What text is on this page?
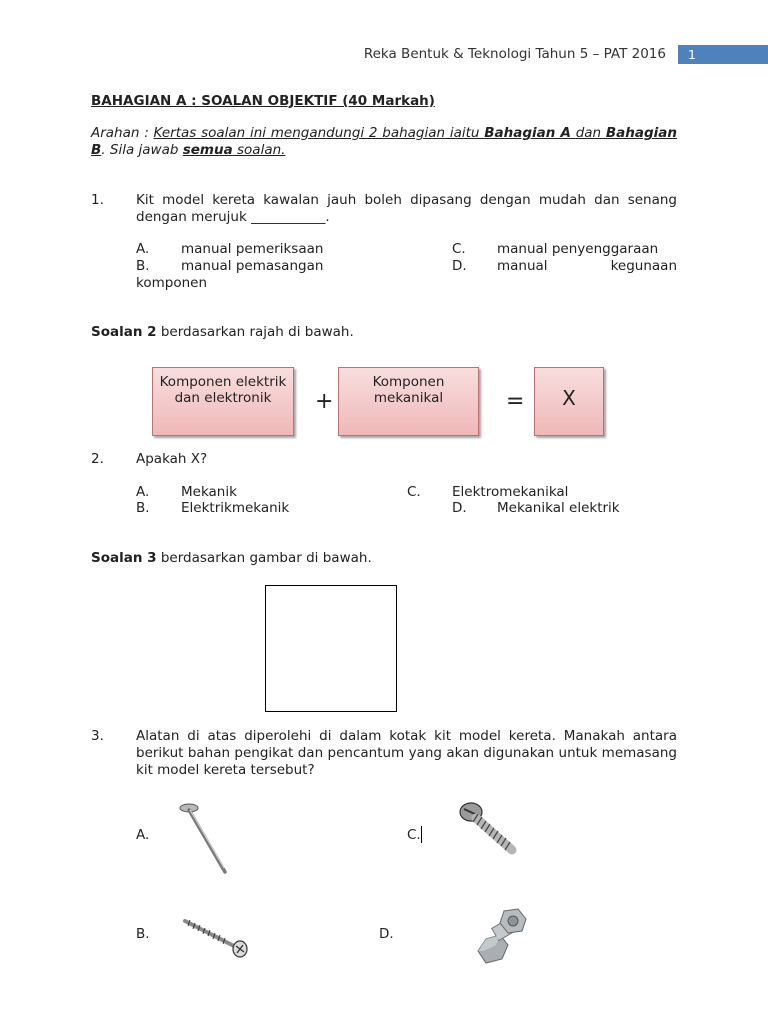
Reka Bentuk & Teknologi Tahun 5 – PAT 2016	1
BAHAGIAN A : SOALAN OBJEKTIF (40 Markah)
Arahan : Kertas soalan ini mengandungi 2 bahagian iaitu Bahagian A dan Bahagian B. Sila jawab semua soalan.
1. Kit model kereta kawalan jauh boleh dipasang dengan mudah dan senang dengan merujuk ___________.
A. manual pemeriksaan
B. manual pemasangan
C. manual penyenggaraan
D. manual kegunaan
komponen
Soalan 2 berdasarkan rajah di bawah.
Komponen elektrik dan elektronik	+
Komponen mekanikal	=	X
2. Apakah X?
A. Mekanik
B. Elektrikmekanik
C. Elektromekanikal
D. Mekanikal elektrik
Soalan 3 berdasarkan gambar di bawah.
3. Alatan di atas diperolehi di dalam kotak kit model kereta. Manakah antara berikut bahan pengikat dan pencantum yang akan digunakan untuk memasang kit model kereta tersebut?
A.	C.
B.	D.
